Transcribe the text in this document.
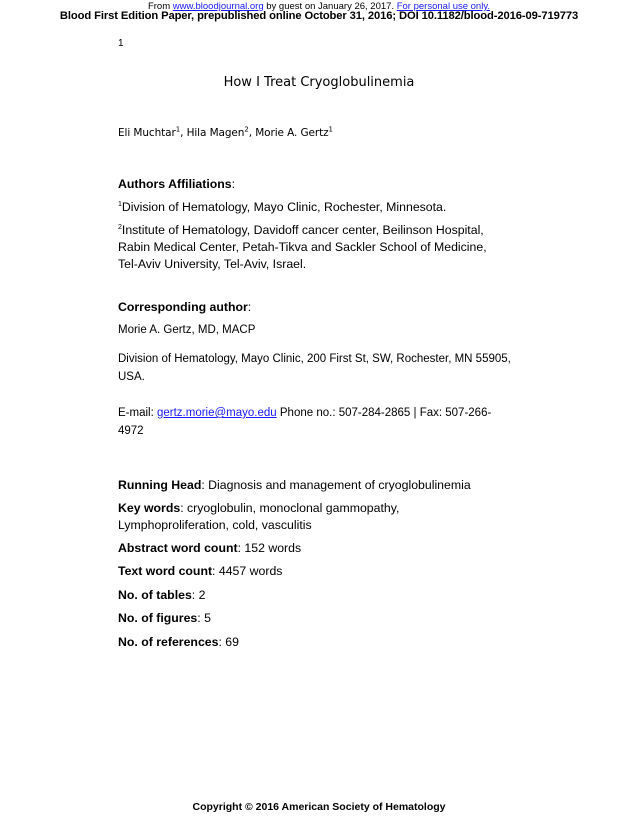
From www.bloodjournal.org by guest on January 26, 2017. For personal use only.
Blood First Edition Paper, prepublished online October 31, 2016; DOI 10.1182/blood-2016-09-719773
1
How I Treat Cryoglobulinemia
Eli Muchtar$^1$, Hila Magen$^2$, Morie A. Gertz$^1$
Authors Affiliations:
$^1$Division of Hematology, Mayo Clinic, Rochester, Minnesota.
$^2$Institute of Hematology, Davidoff cancer center, Beilinson Hospital,
Rabin Medical Center, Petah-Tikva and Sackler School of Medicine,
Tel-Aviv University, Tel-Aviv, Israel.
Corresponding author:
Morie A. Gertz, MD, MACP
Division of Hematology, Mayo Clinic, 200 First St, SW, Rochester, MN 55905,
USA.
E-mail: gertz.morie@mayo.edu Phone no.: 507-284-2865 | Fax: 507-266-
4972
Running Head: Diagnosis and management of cryoglobulinemia
Key words: cryoglobulin, monoclonal gammopathy,
Lymphoproliferation, cold, vasculitis
Abstract word count: 152 words
Text word count: 4457 words
No. of tables: 2
No. of figures: 5
No. of references: 69
Copyright © 2016 American Society of Hematology
